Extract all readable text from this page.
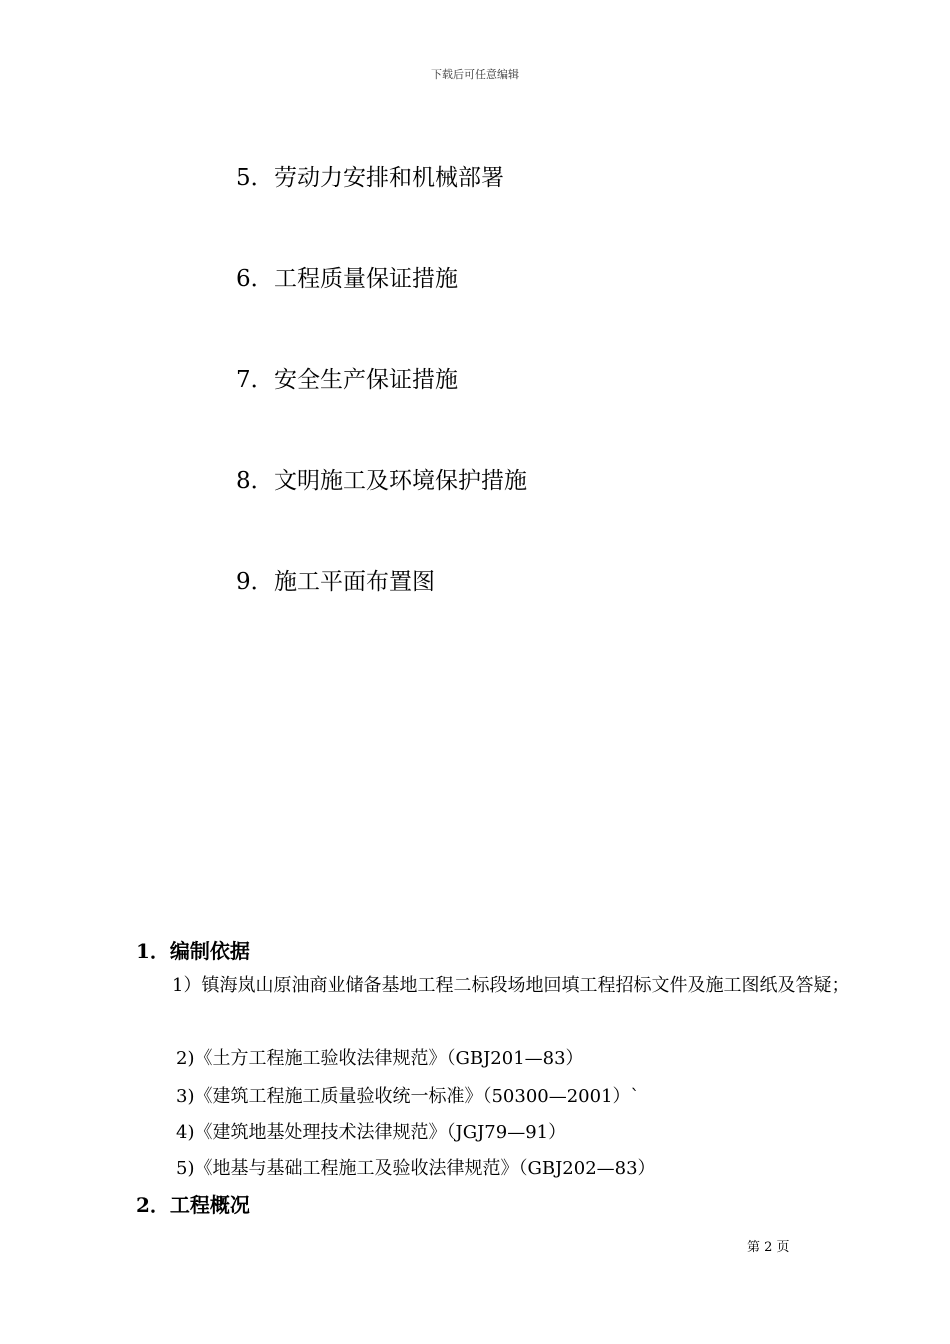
下载后可任意编辑
5．劳动力安排和机械部署
6．工程质量保证措施
7．安全生产保证措施
8．文明施工及环境保护措施
9．施工平面布置图
1．编制依据
　　1）镇海岚山原油商业储备基地工程二标段场地回填工程招标文件及施工图纸及答疑；
2)《土方工程施工验收法律规范》（GBJ201—83）
3)《建筑工程施工质量验收统一标准》（50300—2001）`
4)《建筑地基处理技术法律规范》（JGJ79—91）
5)《地基与基础工程施工及验收法律规范》（GBJ202—83）
2．工程概况
第 2 页
